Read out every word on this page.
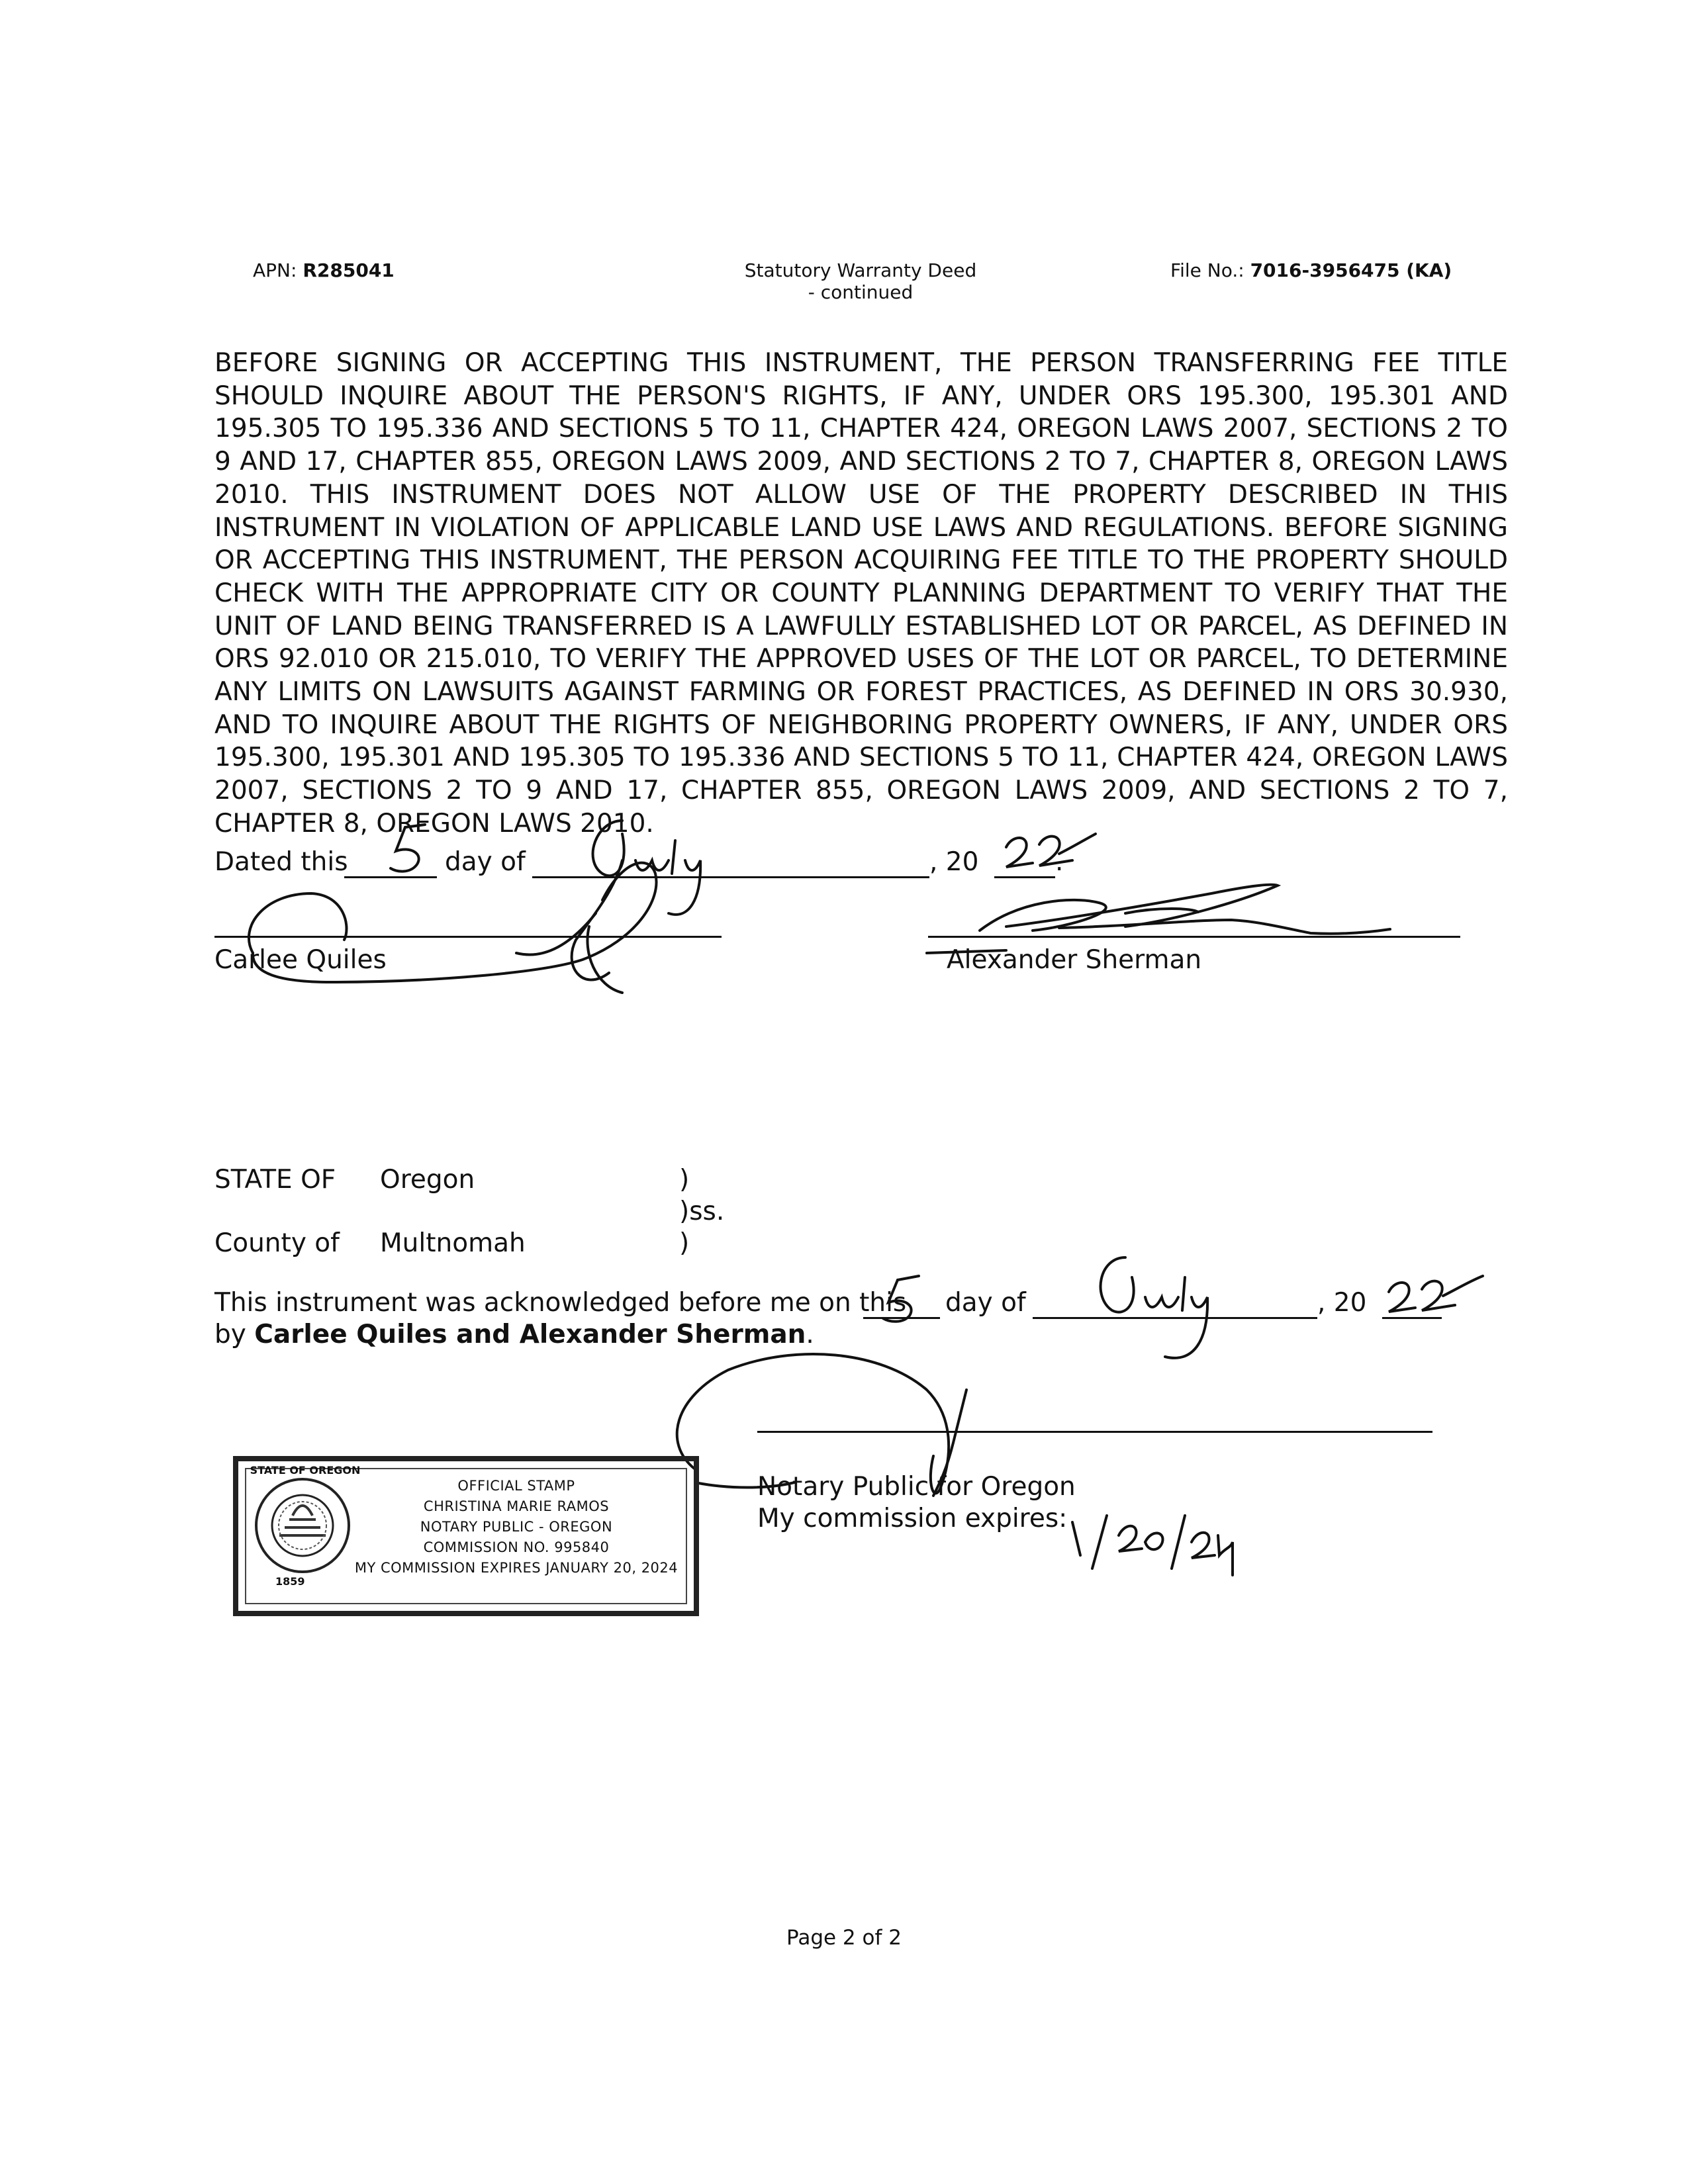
APN: R285041	Statutory Warranty Deed
- continued
File No.: 7016-3956475 (KA)
BEFORE SIGNING OR ACCEPTING THIS INSTRUMENT, THE PERSON TRANSFERRING FEE TITLE SHOULD INQUIRE ABOUT THE PERSON'S RIGHTS, IF ANY, UNDER ORS 195.300, 195.301 AND 195.305 TO 195.336 AND SECTIONS 5 TO 11, CHAPTER 424, OREGON LAWS 2007, SECTIONS 2 TO 9 AND 17, CHAPTER 855, OREGON LAWS 2009, AND SECTIONS 2 TO 7, CHAPTER 8, OREGON LAWS 2010. THIS INSTRUMENT DOES NOT ALLOW USE OF THE PROPERTY DESCRIBED IN THIS INSTRUMENT IN VIOLATION OF APPLICABLE LAND USE LAWS AND REGULATIONS. BEFORE SIGNING OR ACCEPTING THIS INSTRUMENT, THE PERSON ACQUIRING FEE TITLE TO THE PROPERTY SHOULD CHECK WITH THE APPROPRIATE CITY OR COUNTY PLANNING DEPARTMENT TO VERIFY THAT THE UNIT OF LAND BEING TRANSFERRED IS A LAWFULLY ESTABLISHED LOT OR PARCEL, AS DEFINED IN ORS 92.010 OR 215.010, TO VERIFY THE APPROVED USES OF THE LOT OR PARCEL, TO DETERMINE ANY LIMITS ON LAWSUITS AGAINST FARMING OR FOREST PRACTICES, AS DEFINED IN ORS 30.930, AND TO INQUIRE ABOUT THE RIGHTS OF NEIGHBORING PROPERTY OWNERS, IF ANY, UNDER ORS 195.300, 195.301 AND 195.305 TO 195.336 AND SECTIONS 5 TO 11, CHAPTER 424, OREGON LAWS 2007, SECTIONS 2 TO 9 AND 17, CHAPTER 855, OREGON LAWS 2009, AND SECTIONS 2 TO 7, CHAPTER 8, OREGON LAWS 2010.
Dated this	day of	, 20	.
Carlee Quiles	Alexander Sherman
STATE OF Oregon	)
)ss.
County of Multnomah	)
This instrument was acknowledged before me on this day of	, 20
by Carlee Quiles and Alexander Sherman.
STATE OF OREGON
1859
OFFICIAL STAMP
CHRISTINA MARIE RAMOS
NOTARY PUBLIC - OREGON
COMMISSION NO. 995840
MY COMMISSION EXPIRES JANUARY 20, 2024
Notary Public for Oregon
My commission expires:
Page 2 of 2
